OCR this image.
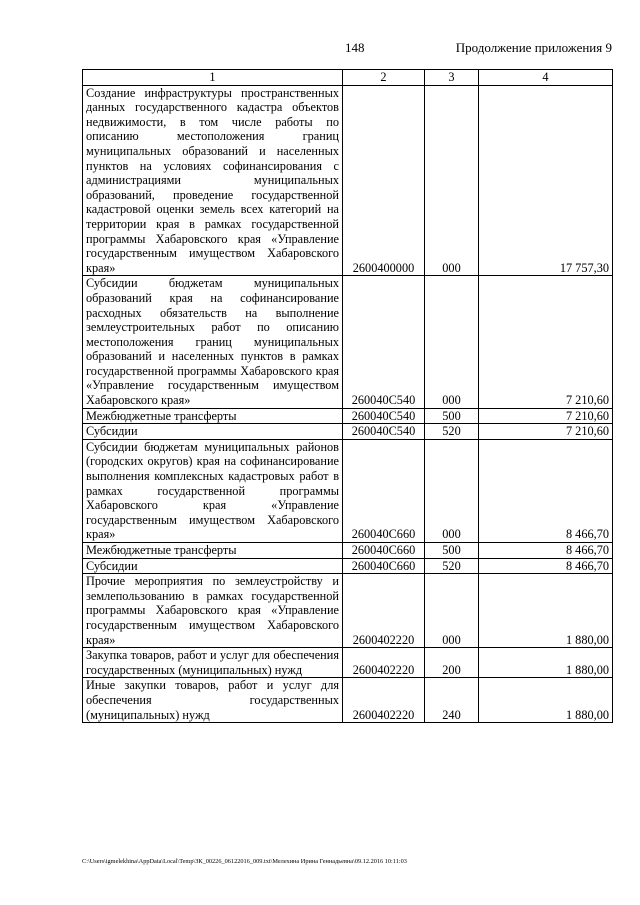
148	Продолжение приложения 9
1	2	3	4
Создание инфраструктуры пространственных данных государственного кадастра объектов недвижимости, в том числе работы по описанию местоположения границ муниципальных образований и населенных пунктов на условиях софинансирования с администрациями муниципальных образований, проведение государственной кадастровой оценки земель всех категорий на территории края в рамках государственной программы Хабаровского края «Управление государственным имуществом Хабаровского края»	2600400000	000	17 757,30
Субсидии бюджетам муниципальных образований края на софинансирование расходных обязательств на выполнение землеустроительных работ по описанию местоположения границ муниципальных образований и населенных пунктов в рамках государственной программы Хабаровского края «Управление государственным имуществом Хабаровского края»	260040С540	000	7 210,60
Межбюджетные трансферты	260040С540	500	7 210,60
Субсидии	260040С540	520	7 210,60
Субсидии бюджетам муниципальных районов (городских округов) края на софинансирование выполнения комплексных кадастровых работ в рамках государственной программы Хабаровского края «Управление государственным имуществом Хабаровского края»	260040С660	000	8 466,70
Межбюджетные трансферты	260040С660	500	8 466,70
Субсидии	260040С660	520	8 466,70
Прочие мероприятия по землеустройству и землепользованию в рамках государственной программы Хабаровского края «Управление государственным имуществом Хабаровского края»	2600402220	000	1 880,00
Закупка товаров, работ и услуг для обеспечения государственных (муниципальных) нужд	2600402220	200	1 880,00
Иные закупки товаров, работ и услуг для обеспечения государственных (муниципальных) нужд	2600402220	240	1 880,00
C:\Users\igmelekhina\AppData\Local\Temp\ЗК_00226_06122016_009.txt\Мелехина Ирина Геннадьевна\09.12.2016 10:11:03
